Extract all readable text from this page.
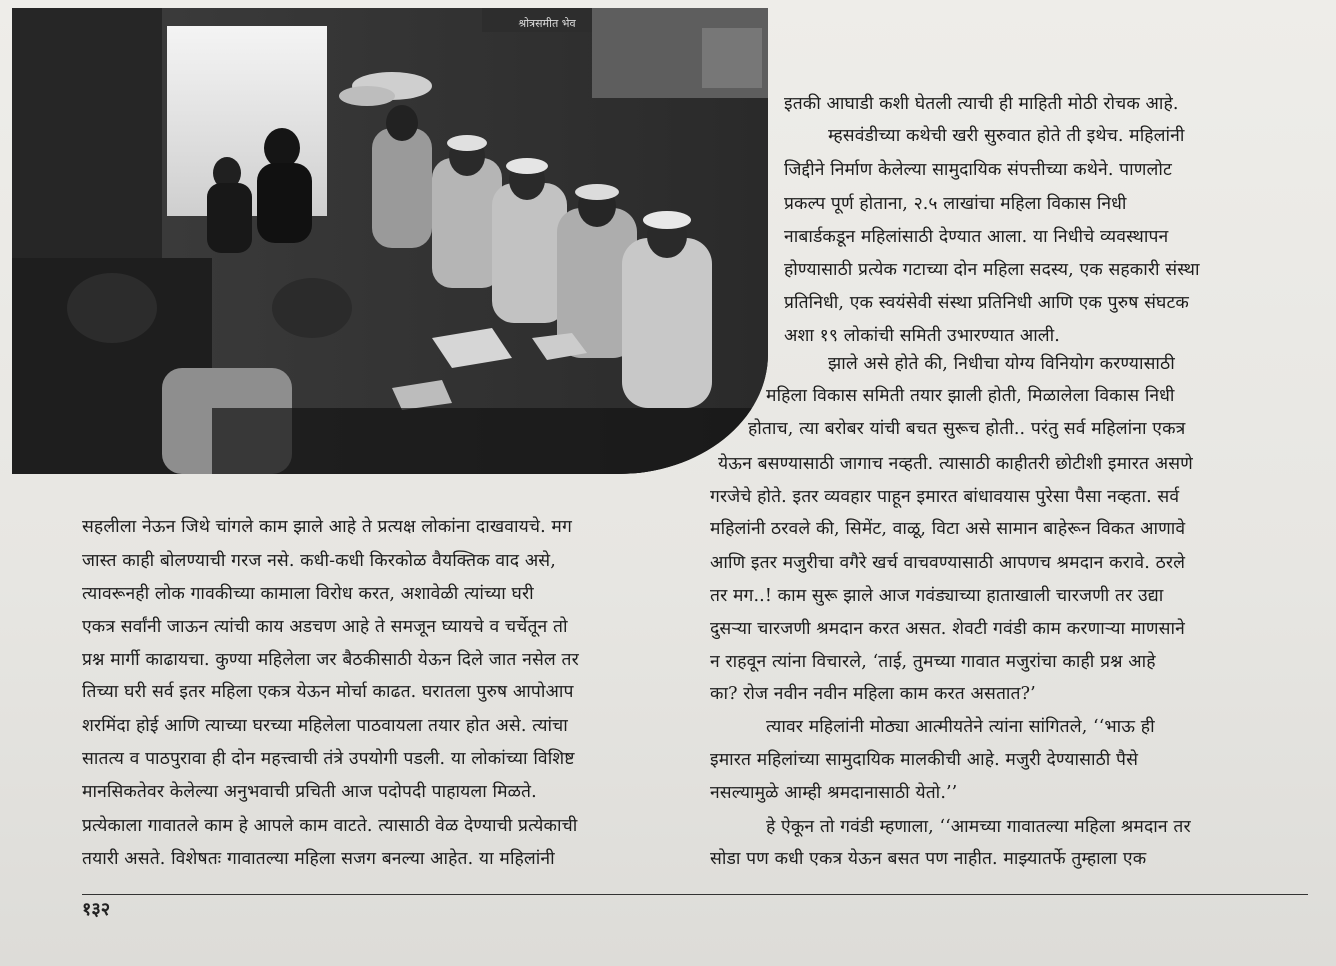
श्रोत्रसमीत भेव
इतकी आघाडी कशी घेतली त्याची ही माहिती मोठी रोचक आहे.
म्हसवंडीच्या कथेची खरी सुरुवात होते ती इथेच. महिलांनी
जिद्दीने निर्माण केलेल्या सामुदायिक संपत्तीच्या कथेने. पाणलोट
प्रकल्प पूर्ण होताना, २.५ लाखांचा महिला विकास निधी
नाबार्डकडून महिलांसाठी देण्यात आला. या निधीचे व्यवस्थापन
होण्यासाठी प्रत्येक गटाच्या दोन महिला सदस्य, एक सहकारी संस्था
प्रतिनिधी, एक स्वयंसेवी संस्था प्रतिनिधी आणि एक पुरुष संघटक
अशा १९ लोकांची समिती उभारण्यात आली.
झाले असे होते की, निधीचा योग्य विनियोग करण्यासाठी
महिला विकास समिती तयार झाली होती, मिळालेला विकास निधी
होताच, त्या बरोबर यांची बचत सुरूच होती.. परंतु सर्व महिलांना एकत्र
येऊन बसण्यासाठी जागाच नव्हती. त्यासाठी काहीतरी छोटीशी इमारत असणे
गरजेचे होते. इतर व्यवहार पाहून इमारत बांधावयास पुरेसा पैसा नव्हता. सर्व
महिलांनी ठरवले की, सिमेंट, वाळू, विटा असे सामान बाहेरून विकत आणावे
आणि इतर मजुरीचा वगैरे खर्च वाचवण्यासाठी आपणच श्रमदान करावे. ठरले
तर मग..! काम सुरू झाले आज गवंड्याच्या हाताखाली चारजणी तर उद्या
दुसऱ्या चारजणी श्रमदान करत असत. शेवटी गवंडी काम करणाऱ्या माणसाने
न राहवून त्यांना विचारले, ‘ताई, तुमच्या गावात मजुरांचा काही प्रश्न आहे
का? रोज नवीन नवीन महिला काम करत असतात?’
त्यावर महिलांनी मोठ्या आत्मीयतेने त्यांना सांगितले, ‘‘भाऊ ही
इमारत महिलांच्या सामुदायिक मालकीची आहे. मजुरी देण्यासाठी पैसे
नसल्यामुळे आम्ही श्रमदानासाठी येतो.’’
हे ऐकून तो गवंडी म्हणाला, ‘‘आमच्या गावातल्या महिला श्रमदान तर
सोडा पण कधी एकत्र येऊन बसत पण नाहीत. माझ्यातर्फे तुम्हाला एक
सहलीला नेऊन जिथे चांगले काम झाले आहे ते प्रत्यक्ष लोकांना दाखवायचे. मग
जास्त काही बोलण्याची गरज नसे. कधी-कधी किरकोळ वैयक्तिक वाद असे,
त्यावरूनही लोक गावकीच्या कामाला विरोध करत, अशावेळी त्यांच्या घरी
एकत्र सर्वांनी जाऊन त्यांची काय अडचण आहे ते समजून घ्यायचे व चर्चेतून तो
प्रश्न मार्गी काढायचा. कुण्या महिलेला जर बैठकीसाठी येऊन दिले जात नसेल तर
तिच्या घरी सर्व इतर महिला एकत्र येऊन मोर्चा काढत. घरातला पुरुष आपोआप
शरमिंदा होई आणि त्याच्या घरच्या महिलेला पाठवायला तयार होत असे. त्यांचा
सातत्य व पाठपुरावा ही दोन महत्त्वाची तंत्रे उपयोगी पडली. या लोकांच्या विशिष्ट
मानसिकतेवर केलेल्या अनुभवाची प्रचिती आज पदोपदी पाहायला मिळते.
प्रत्येकाला गावातले काम हे आपले काम वाटते. त्यासाठी वेळ देण्याची प्रत्येकाची
तयारी असते. विशेषतः गावातल्या महिला सजग बनल्या आहेत. या महिलांनी
१३२
